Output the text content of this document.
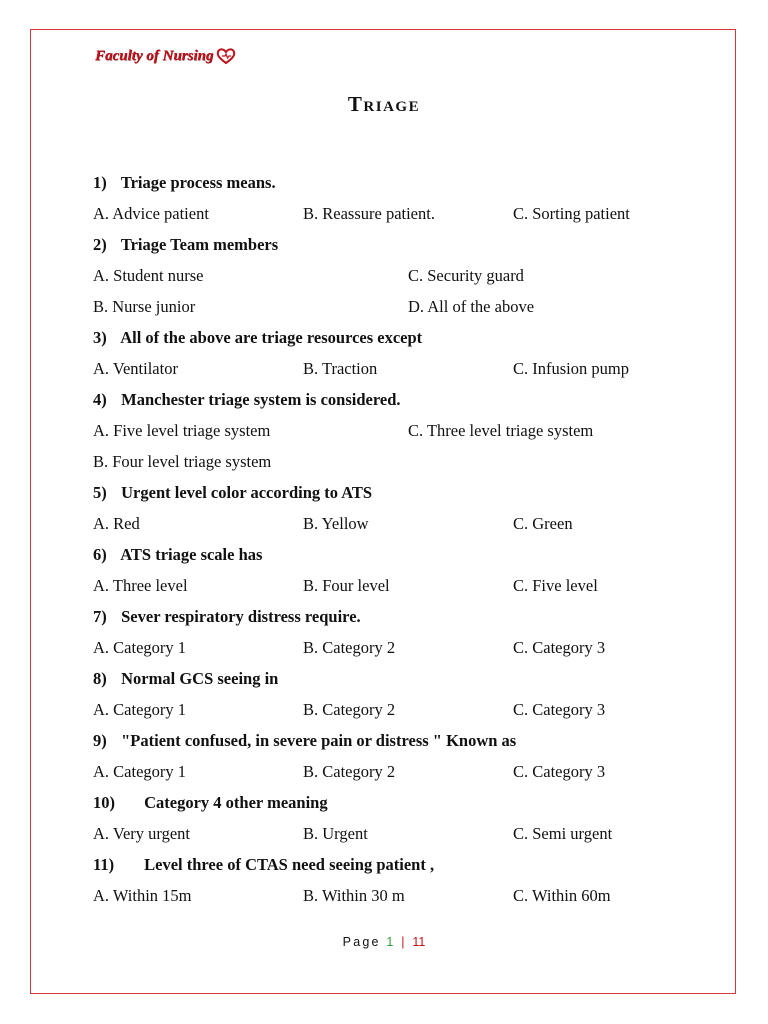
Faculty of Nursing
Triage
1) Triage process means.
A. Advice patient	B. Reassure patient.	C. Sorting patient
2) Triage Team members
A. Student nurse	C. Security guard
B. Nurse junior	D. All of the above
3) All of the above are triage resources except
A. Ventilator	B. Traction	C. Infusion pump
4) Manchester triage system is considered.
A. Five level triage system	C. Three level triage system
B. Four level triage system
5) Urgent level color according to ATS
A. Red	B. Yellow	C. Green
6) ATS triage scale has
A. Three level	B. Four level	C. Five level
7) Sever respiratory distress require.
A. Category 1	B. Category 2	C. Category 3
8) Normal GCS seeing in
A. Category 1	B. Category 2	C. Category 3
9) "Patient confused, in severe pain or distress " Known as
A. Category 1	B. Category 2	C. Category 3
10) Category 4 other meaning
A. Very urgent	B. Urgent	C. Semi urgent
11) Level three of CTAS need seeing patient ,
A. Within 15m	B. Within 30 m	C. Within 60m
Page 1 | 11
